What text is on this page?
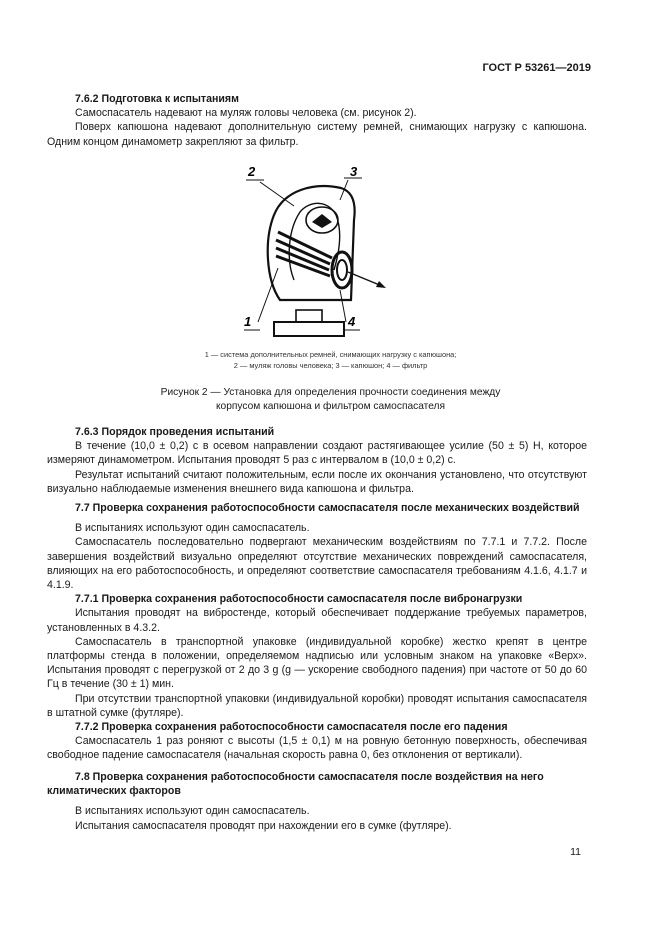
ГОСТ Р 53261—2019

7.6.2 Подготовка к испытаниям

Самоспасатель надевают на муляж головы человека (см. рисунок 2).

Поверх капюшона надевают дополнительную систему ремней, снимающих нагрузку с капюшона. Одним концом динамометр закрепляют за фильтр.

2	3
1	4
1 — система дополнительных ремней, снимающих нагрузку с капюшона;
2 — муляж головы человека; 3 — капюшон; 4 — фильтр
Рисунок 2 — Установка для определения прочности соединения между
корпусом капюшона и фильтром самоспасателя

7.6.3 Порядок проведения испытаний

В течение (10,0 ± 0,2) с в осевом направлении создают растягивающее усилие (50 ± 5) Н, которое измеряют динамометром. Испытания проводят 5 раз с интервалом в (10,0 ± 0,2) с.

Результат испытаний считают положительным, если после их окончания установлено, что отсутствуют визуально наблюдаемые изменения внешнего вида капюшона и фильтра.

7.7 Проверка сохранения работоспособности самоспасателя после механических воздействий

В испытаниях используют один самоспасатель.

Самоспасатель последовательно подвергают механическим воздействиям по 7.7.1 и 7.7.2. После завершения воздействий визуально определяют отсутствие механических повреждений самоспасателя, влияющих на его работоспособность, и определяют соответствие самоспасателя требованиям 4.1.6, 4.1.7 и 4.1.9.

7.7.1 Проверка сохранения работоспособности самоспасателя после вибронагрузки

Испытания проводят на вибростенде, который обеспечивает поддержание требуемых параметров, установленных в 4.3.2.

Самоспасатель в транспортной упаковке (индивидуальной коробке) жестко крепят в центре платформы стенда в положении, определяемом надписью или условным знаком на упаковке «Верх». Испытания проводят с перегрузкой от 2 до 3 g (g — ускорение свободного падения) при частоте от 50 до 60 Гц в течение (30 ± 1) мин.

При отсутствии транспортной упаковки (индивидуальной коробки) проводят испытания самоспасателя в штатной сумке (футляре).

7.7.2 Проверка сохранения работоспособности самоспасателя после его падения

Самоспасатель 1 раз роняют с высоты (1,5 ± 0,1) м на ровную бетонную поверхность, обеспечивая свободное падение самоспасателя (начальная скорость равна 0, без отклонения от вертикали).

7.8 Проверка сохранения работоспособности самоспасателя после воздействия на него климатических факторов

В испытаниях используют один самоспасатель.

Испытания самоспасателя проводят при нахождении его в сумке (футляре).

11
